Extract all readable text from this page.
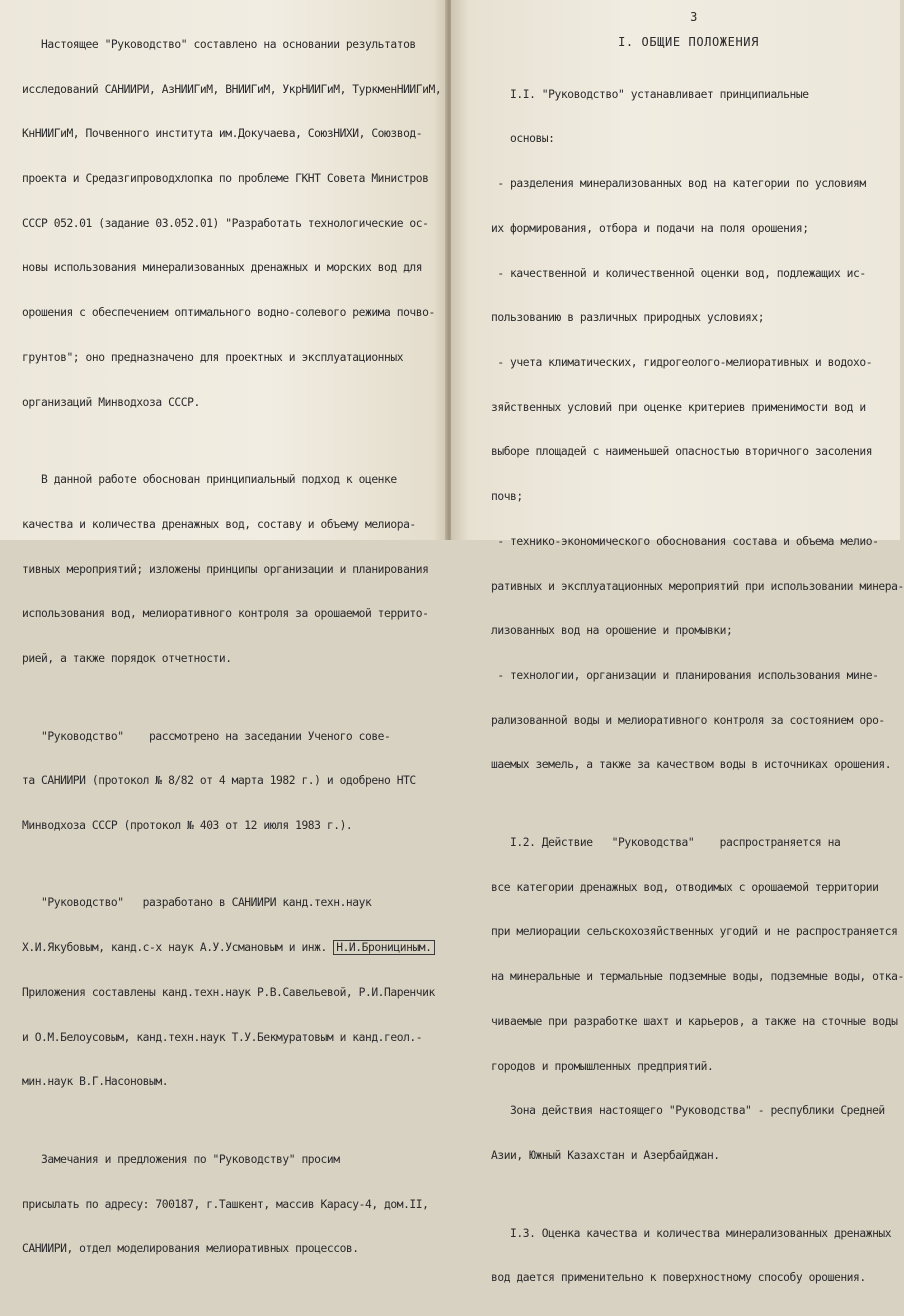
Настоящее "Руководство" составлено на основании результатов

исследований САНИИРИ, АзНИИГиМ, ВНИИГиМ, УкрНИИГиМ, ТуркменНИИГиМ,

КнНИИГиМ, Почвенного института им.Докучаева, СоюзНИХИ, Союзвод-

проекта и Средазгипроводхлопка по проблеме ГКНТ Совета Министров

СССР 052.01 (задание 03.052.01) "Разработать технологические ос-

новы использования минерализованных дренажных и морских вод для

орошения с обеспечением оптимального водно-солевого режима почво-

грунтов"; оно предназначено для проектных и эксплуатационных

организаций Минводхоза СССР.

В данной работе обоснован принципиальный подход к оценке

качества и количества дренажных вод, составу и объему мелиора-

тивных мероприятий; изложены принципы организации и планирования

использования вод, мелиоративного контроля за орошаемой террито-

рией, а также порядок отчетности.

"Руководство"    рассмотрено на заседании Ученого сове-

та САНИИРИ (протокол № 8/82 от 4 марта 1982 г.) и одобрено НТС

Минводхоза СССР (протокол № 403 от 12 июля 1983 г.).

"Руководство"   разработано в САНИИРИ канд.техн.наук

Х.И.Якубовым, канд.с-х наук А.У.Усмановым и инж. Н.И.Бронициным.

Приложения составлены канд.техн.наук Р.В.Савельевой, Р.И.Паренчик

и О.М.Белоусовым, канд.техн.наук Т.У.Бекмуратовым и канд.геол.-

мин.наук В.Г.Насоновым.

Замечания и предложения по "Руководству" просим

присылать по адресу: 700187, г.Ташкент, массив Карасу-4, дом.II,

САНИИРИ, отдел моделирования мелиоративных процессов.

3
I. ОБЩИЕ ПОЛОЖЕНИЯ

I.I. "Руководство" устанавливает принципиальные

основы:

- разделения минерализованных вод на категории по условиям

их формирования, отбора и подачи на поля орошения;

- качественной и количественной оценки вод, подлежащих ис-

пользованию в различных природных условиях;

- учета климатических, гидрогеолого-мелиоративных и водохо-

зяйственных условий при оценке критериев применимости вод и

выборе площадей с наименьшей опасностью вторичного засоления

почв;

- технико-экономического обоснования состава и объема мелио-

ративных и эксплуатационных мероприятий при использовании минера-

лизованных вод на орошение и промывки;

- технологии, организации и планирования использования мине-

рализованной воды и мелиоративного контроля за состоянием оро-

шаемых земель, а также за качеством воды в источниках орошения.

I.2. Действие   "Руководства"    распространяется на

все категории дренажных вод, отводимых с орошаемой территории

при мелиорации сельскохозяйственных угодий и не распространяется

на минеральные и термальные подземные воды, подземные воды, отка-

чиваемые при разработке шахт и карьеров, а также на сточные воды

городов и промышленных предприятий.

Зона действия настоящего "Руководства" - республики Средней

Азии, Южный Казахстан и Азербайджан.

I.3. Оценка качества и количества минерализованных дренажных

вод дается применительно к поверхностному способу орошения.
